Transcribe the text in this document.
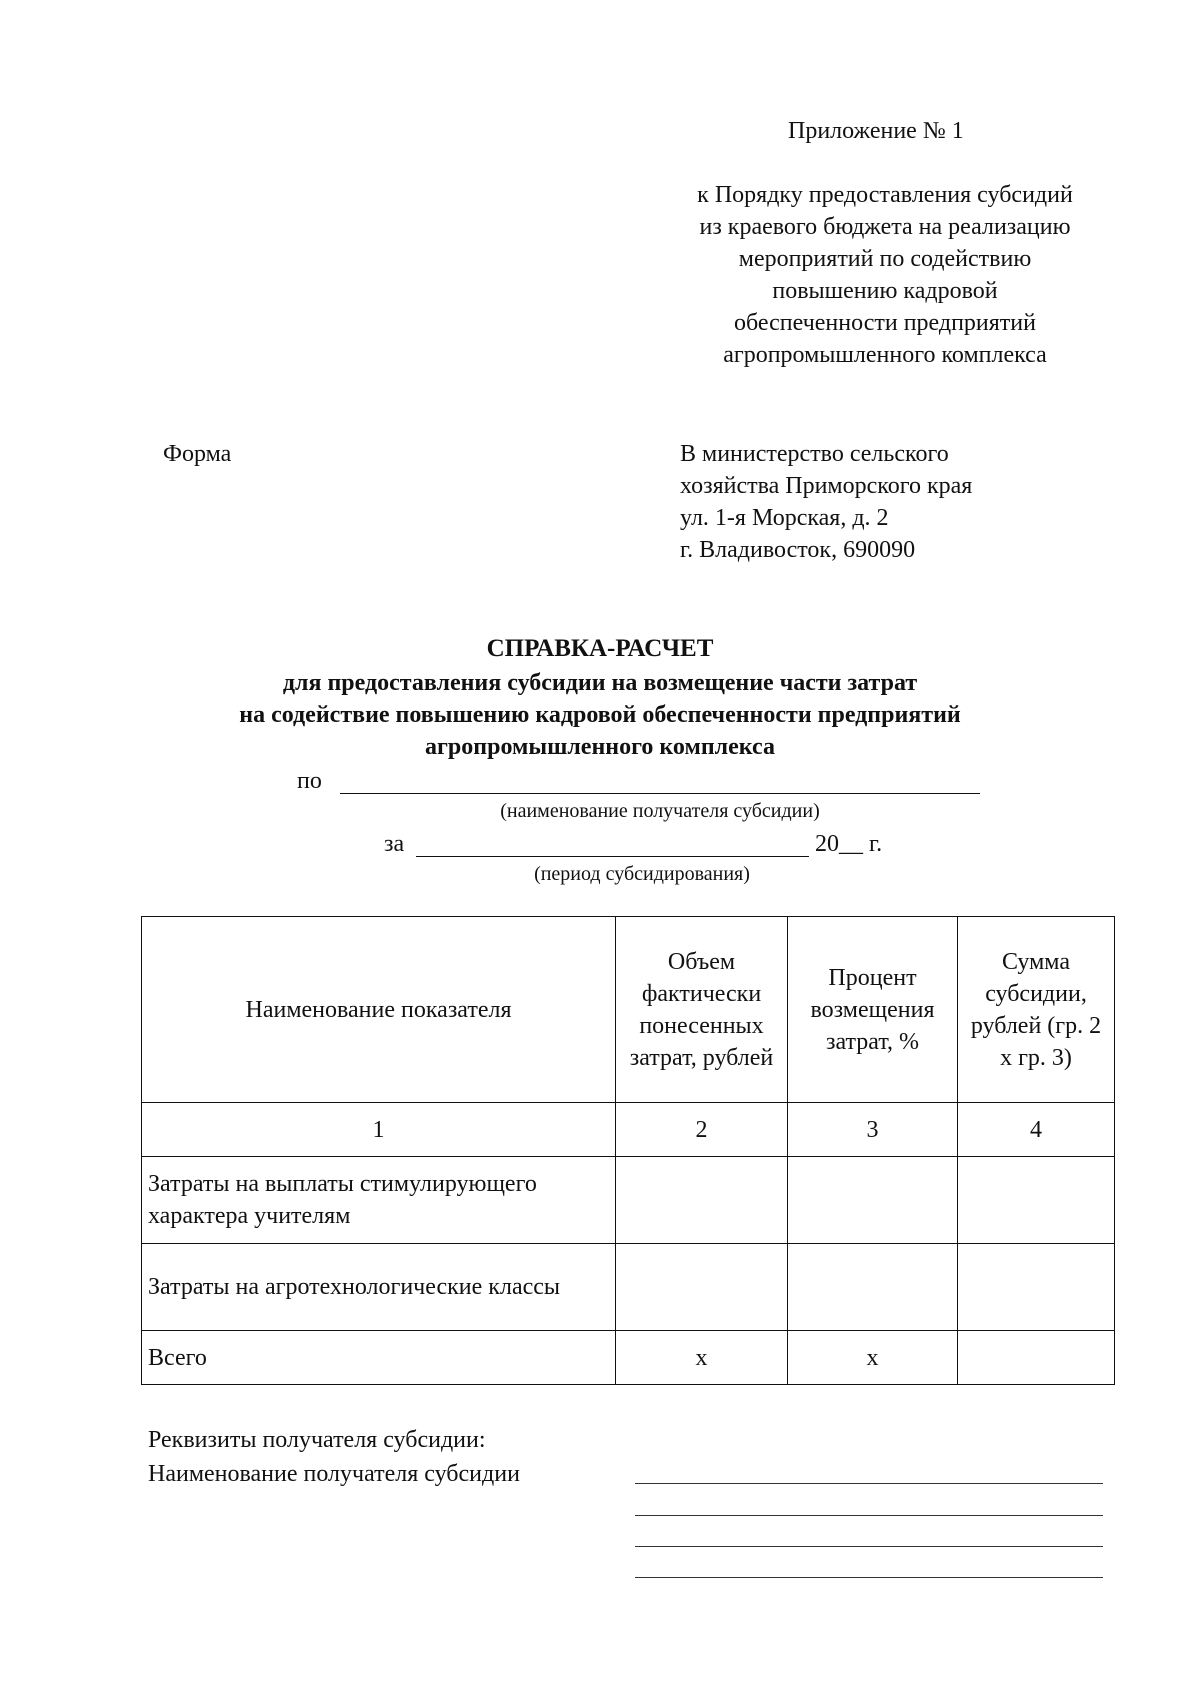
Приложение № 1
к Порядку предоставления субсидий
из краевого бюджета на реализацию
мероприятий по содействию
повышению кадровой
обеспеченности предприятий
агропромышленного комплекса
Форма	В министерство сельского
хозяйства Приморского края
ул. 1-я Морская, д. 2
г. Владивосток, 690090
СПРАВКА-РАСЧЕТ
для предоставления субсидии на возмещение части затрат
на содействие повышению кадровой обеспеченности предприятий
агропромышленного комплекса
по
(наименование получателя субсидии)
за	20__ г.
(период субсидирования)
Наименование показателя	Объем фактически понесенных затрат, рублей	Процент возмещения затрат, %	Сумма субсидии, рублей (гр. 2 х гр. 3)
1	2	3	4
Затраты на выплаты стимулирующего характера учителям			
Затраты на агротехнологические классы			
Всего	х	х	
Реквизиты получателя субсидии:
Наименование получателя субсидии
